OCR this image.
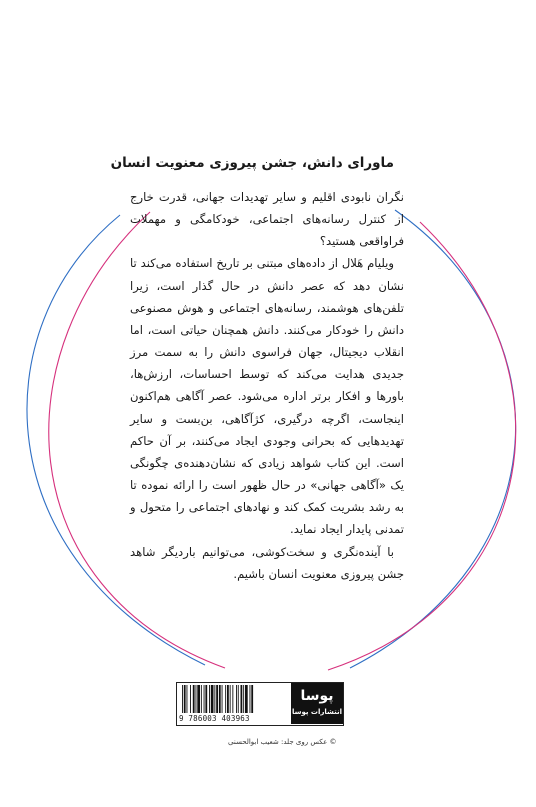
ماورای دانش، جشن پیروزی معنویت انسان

نگران نابودی اقلیم و سایر تهدیدات جهانی، قدرت خارج از کنترل رسانه‌های اجتماعی، خودکامگی و مهملات فراواقعی هستید؟

ویلیام هَلال از داده‌های مبتنی بر تاریخ استفاده می‌کند تا نشان دهد که عصر دانش در حال گذار است، زیرا تلفن‌های هوشمند، رسانه‌های اجتماعی و هوش مصنوعی دانش را خودکار می‌کنند. دانش همچنان حیاتی است، اما انقلاب دیجیتال، جهان فراسوی دانش را به سمت مرز جدیدی هدایت می‌کند که توسط احساسات، ارزش‌ها، باورها و افکار برتر اداره می‌شود. عصر آگاهی هم‌اکنون اینجاست، اگرچه درگیری، کژآگاهی، بن‌بست و سایر تهدیدهایی که بحرانی وجودی ایجاد می‌کنند، بر آن حاکم است. این کتاب شواهد زیادی که نشان‌دهنده‌ی چگونگی یک «آگاهی جهانی» در حال ظهور است را ارائه نموده تا به رشد بشریت کمک کند و نهادهای اجتماعی را متحول و تمدنی پایدار ایجاد نماید.

با آینده‌نگری و سخت‌کوشی، می‌توانیم باردیگر شاهد جشن پیروزی معنویت انسان باشیم.

9 786003 403963
پوسا
انتشارات پوسا
© عکس روی جلد: شعیب ابوالحسنی
